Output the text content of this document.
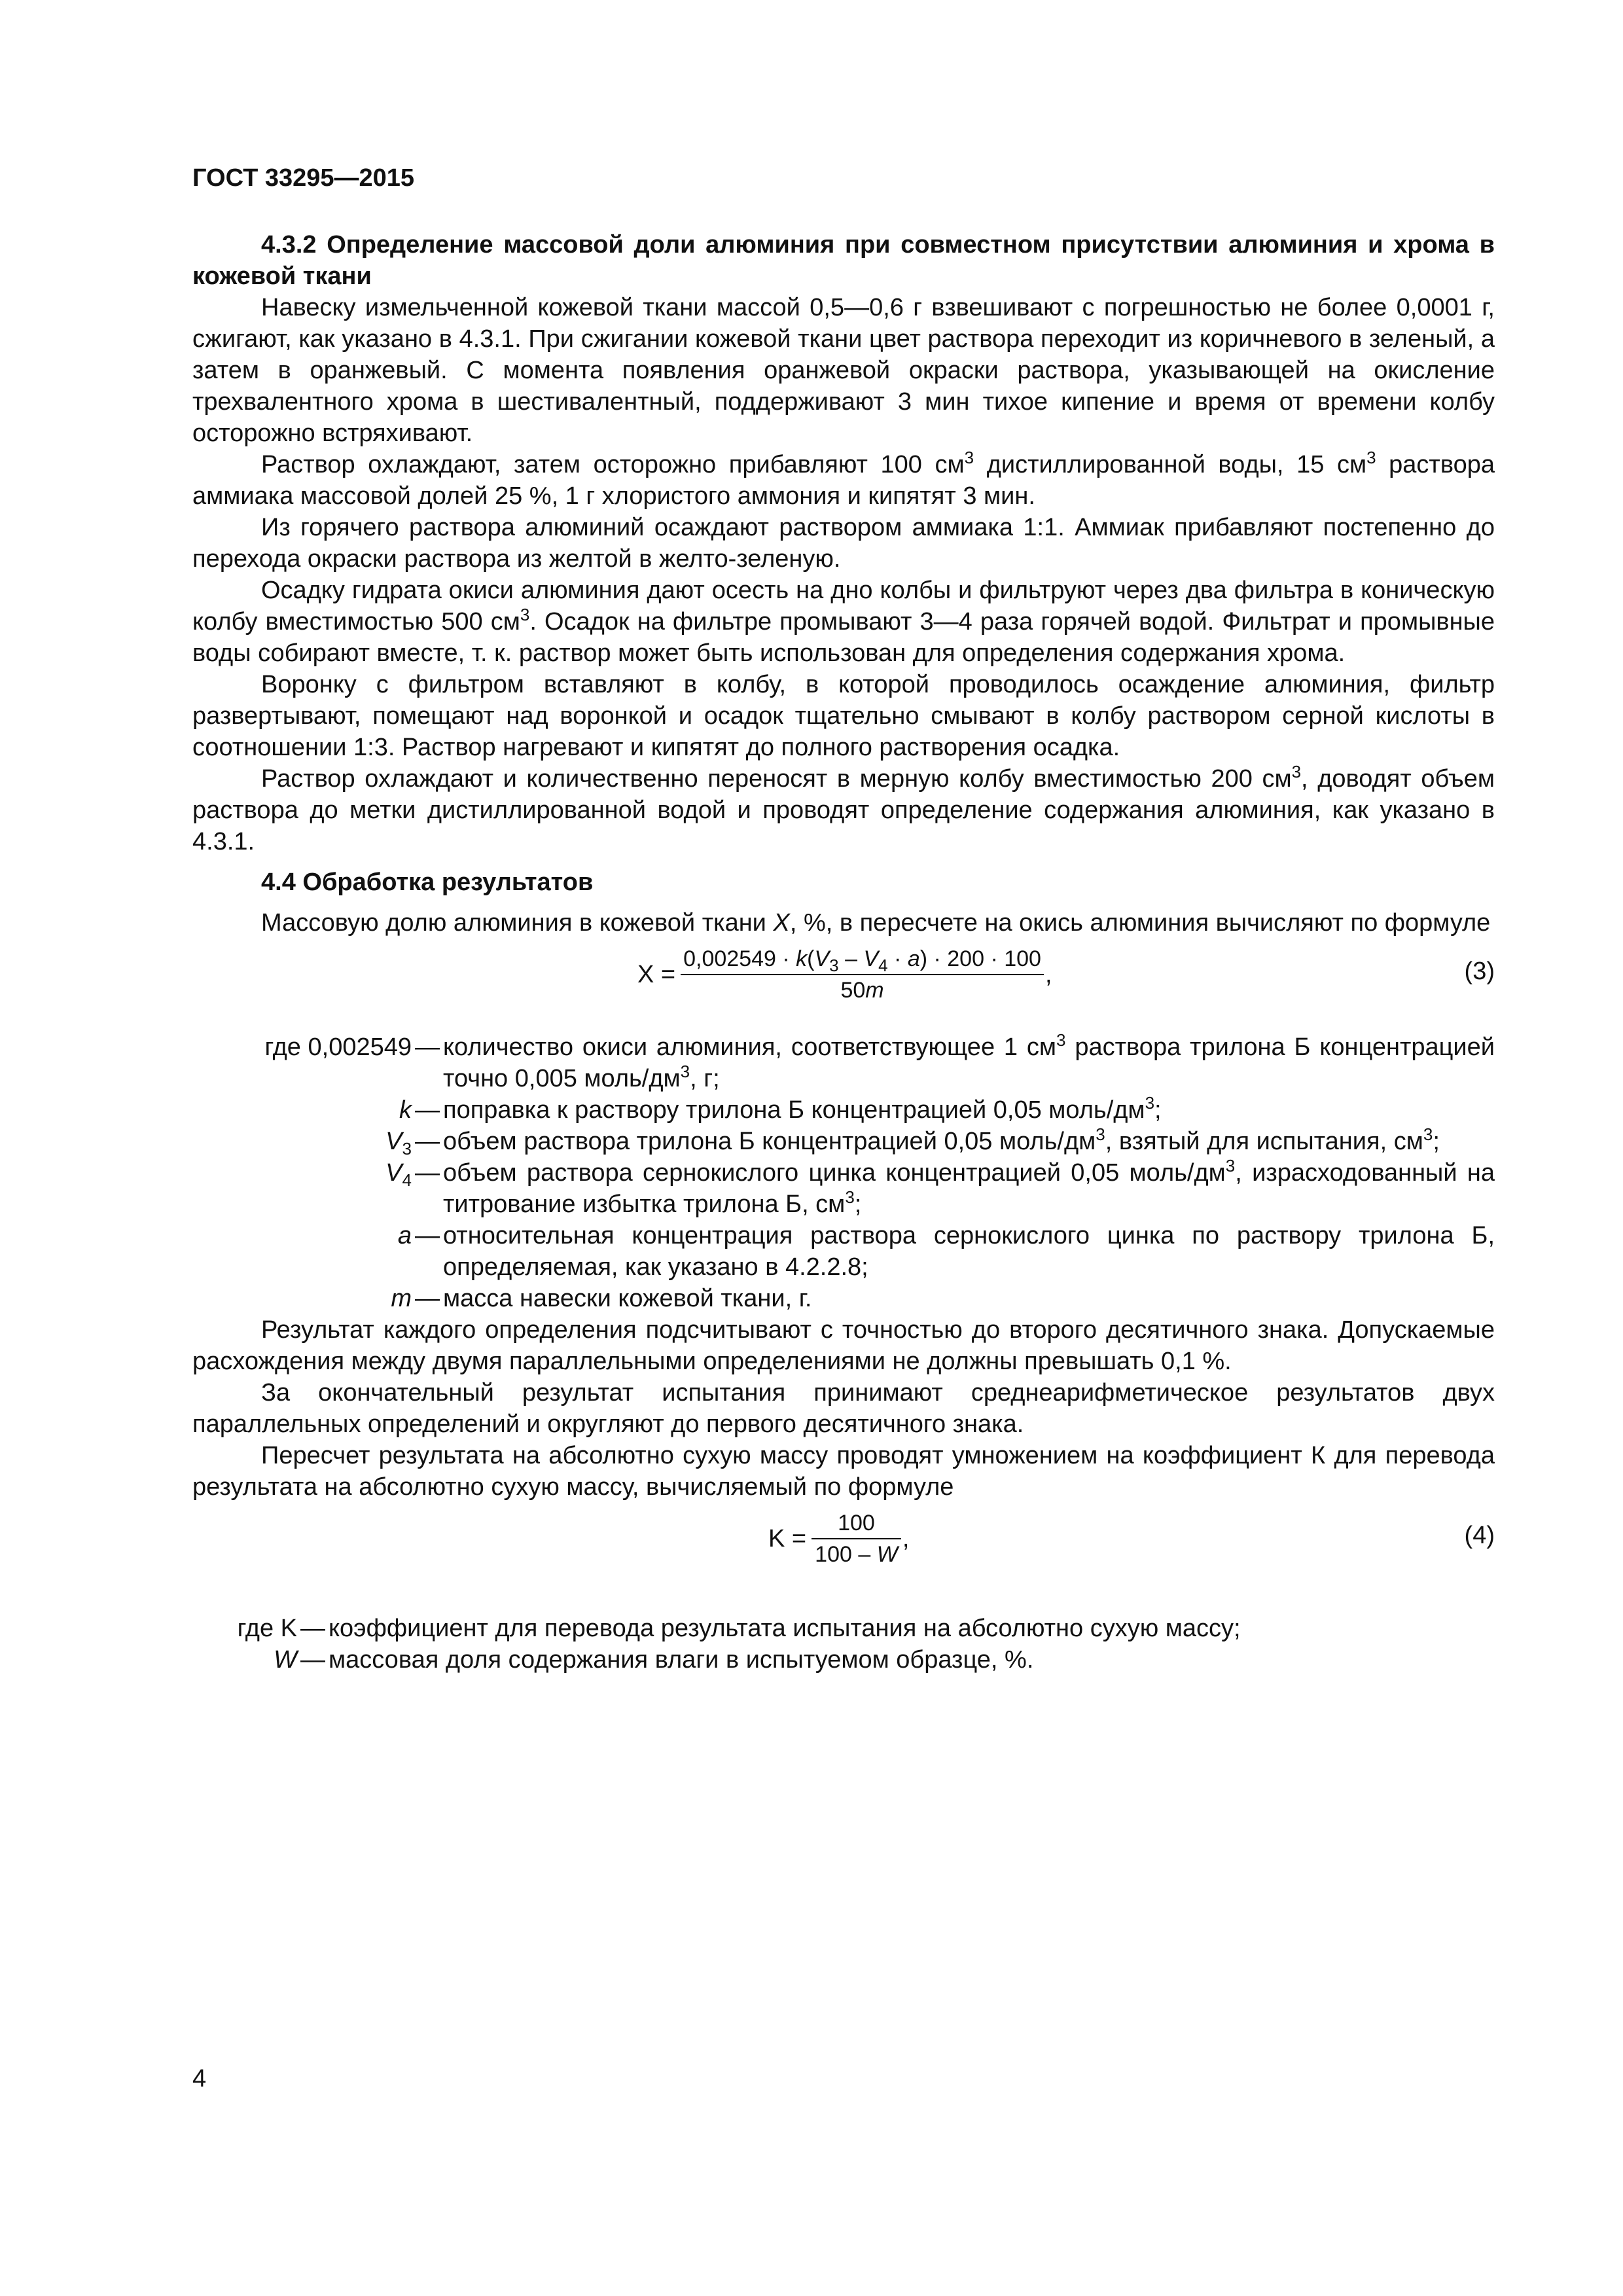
ГОСТ 33295—2015

4.3.2 Определение массовой доли алюминия при совместном присутствии алюминия и хрома в кожевой ткани

Навеску измельченной кожевой ткани массой 0,5—0,6 г взвешивают с погрешностью не более 0,0001 г, сжигают, как указано в 4.3.1. При сжигании кожевой ткани цвет раствора переходит из коричневого в зеленый, а затем в оранжевый. С момента появления оранжевой окраски раствора, указывающей на окисление трехвалентного хрома в шестивалентный, поддерживают 3 мин тихое кипение и время от времени колбу осторожно встряхивают.

Раствор охлаждают, затем осторожно прибавляют 100 $см^3$ дистиллированной воды, 15 $см^3$ раствора аммиака массовой долей 25 %, 1 г хлористого аммония и кипятят 3 мин.

Из горячего раствора алюминий осаждают раствором аммиака 1:1. Аммиак прибавляют постепенно до перехода окраски раствора из желтой в желто-зеленую.

Осадку гидрата окиси алюминия дают осесть на дно колбы и фильтруют через два фильтра в коническую колбу вместимостью 500 $см^3$. Осадок на фильтре промывают 3—4 раза горячей водой. Фильтрат и промывные воды собирают вместе, т. к. раствор может быть использован для определения содержания хрома.

Воронку с фильтром вставляют в колбу, в которой проводилось осаждение алюминия, фильтр развертывают, помещают над воронкой и осадок тщательно смывают в колбу раствором серной кислоты в соотношении 1:3. Раствор нагревают и кипятят до полного растворения осадка.

Раствор охлаждают и количественно переносят в мерную колбу вместимостью 200 $см^3$, доводят объем раствора до метки дистиллированной водой и проводят определение содержания алюминия, как указано в 4.3.1.

4.4 Обработка результатов

Массовую долю алюминия в кожевой ткани X, %, в пересчете на окись алюминия вычисляют по формуле

$X = \frac{0,002549 \cdot k(V_3 - V_4 \cdot a) \cdot 200 \cdot 100}{50m}$ ,	(3)
где 0,002549 — количество окиси алюминия, соответствующее 1 $см^3$ раствора трилона Б концентрацией точно 0,005 моль/$дм^3$, г;
k — поправка к раствору трилона Б концентрацией 0,05 моль/$дм^3$;
$V_3$ — объем раствора трилона Б концентрацией 0,05 моль/$дм^3$, взятый для испытания, $см^3$;
$V_4$ — объем раствора сернокислого цинка концентрацией 0,05 моль/$дм^3$, израсходованный на титрование избытка трилона Б, $см^3$;
a — относительная концентрация раствора сернокислого цинка по раствору трилона Б, определяемая, как указано в 4.2.2.8;
m — масса навески кожевой ткани, г.

Результат каждого определения подсчитывают с точностью до второго десятичного знака. Допускаемые расхождения между двумя параллельными определениями не должны превышать 0,1 %.

За окончательный результат испытания принимают среднеарифметическое результатов двух параллельных определений и округляют до первого десятичного знака.

Пересчет результата на абсолютно сухую массу проводят умножением на коэффициент К для перевода результата на абсолютно сухую массу, вычисляемый по формуле

$K = \frac{100}{100 - W}$ ,	(4)
где K — коэффициент для перевода результата испытания на абсолютно сухую массу;
W — массовая доля содержания влаги в испытуемом образце, %.
4
